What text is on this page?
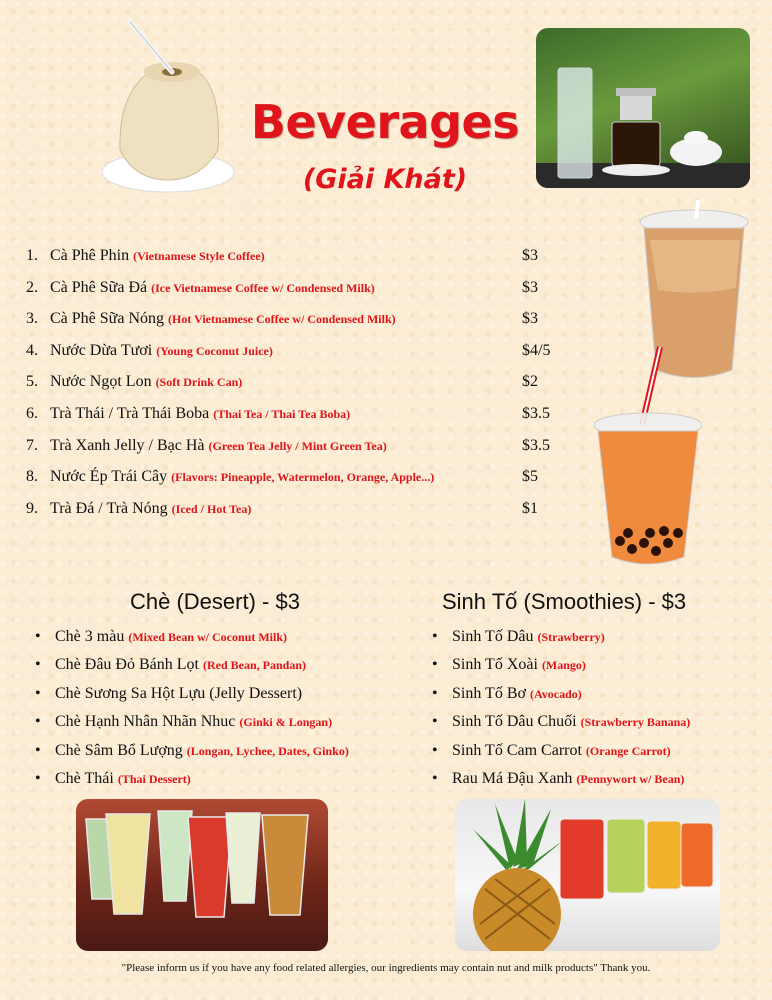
Beverages
(Giải Khát)
1. Cà Phê Phin (Vietnamese Style Coffee)	$3
2. Cà Phê Sữa Đá (Ice Vietnamese Coffee w/ Condensed Milk)	$3
3. Cà Phê Sữa Nóng (Hot Vietnamese Coffee w/ Condensed Milk)	$3
4. Nước Dừa Tươi (Young Coconut Juice)	$4/5
5. Nước Ngọt Lon (Soft Drink Can)	$2
6. Trà Thái / Trà Thái Boba (Thai Tea / Thai Tea Boba)	$3.5
7. Trà Xanh Jelly / Bạc Hà (Green Tea Jelly / Mint Green Tea)	$3.5
8. Nước Ép Trái Cây (Flavors: Pineapple, Watermelon, Orange, Apple...)	$5
9. Trà Đá / Trà Nóng (Iced / Hot Tea)	$1
Chè (Desert) - $3
• Chè 3 màu (Mixed Bean w/ Coconut Milk)
• Chè Đâu Đỏ Bánh Lọt (Red Bean, Pandan)
• Chè Sương Sa Hột Lựu (Jelly Dessert)
• Chè Hạnh Nhân Nhãn Nhuc (Ginki & Longan)
• Chè Sâm Bổ Lượng (Longan, Lychee, Dates, Ginko)
• Chè Thái (Thai Dessert)
Sinh Tố (Smoothies) - $3
• Sinh Tố Dâu (Strawberry)
• Sinh Tố Xoài (Mango)
• Sinh Tố Bơ (Avocado)
• Sinh Tố Dâu Chuối (Strawberry Banana)
• Sinh Tố Cam Carrot (Orange Carrot)
• Rau Má Đậu Xanh (Pennywort w/ Bean)
"Please inform us if you have any food related allergies, our ingredients may contain nut and milk products" Thank you.
